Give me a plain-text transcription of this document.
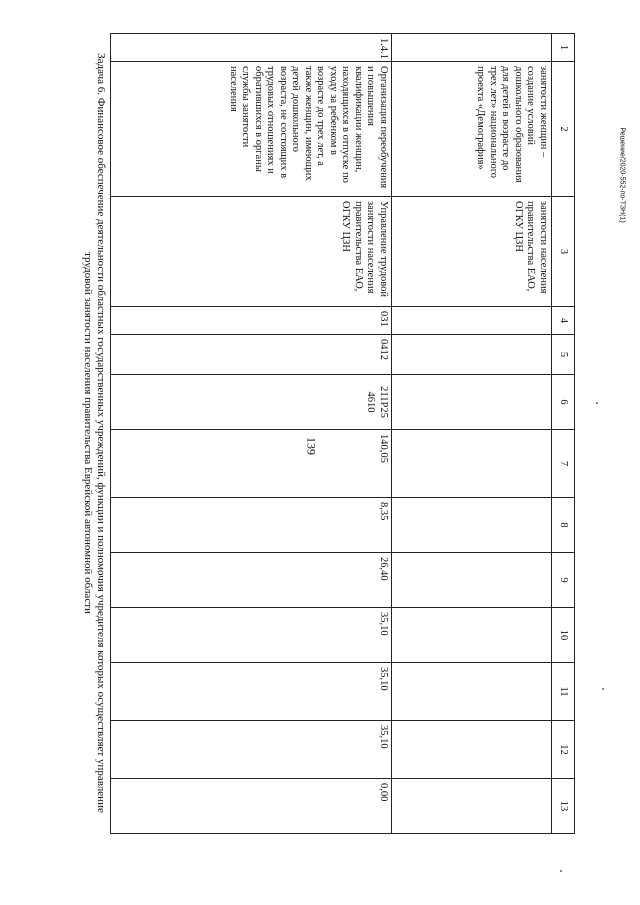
139
1	2	3	4	5	6	7	8	9	10	11	12	13
	занятости женщин – создание условий дошкольного образования для детей в возрасте до трех лет» национального проекта «Демография»	занятости населения правительства ЕАО, ОГКУ ЦЗН										
1.4.1	Организация переобучения и повышения квалификации женщин, находящихся в отпуске по уходу за ребенком в возрасте до трех лет, а также женщин, имеющих детей дошкольного возраста, не состоящих в трудовых отношениях и обратившихся в органы службы занятости населения	Управление трудовой занятости населения правительства ЕАО, ОГКУ ЦЗН	031	0412	211Р25 4610	140,05	8,35	26,40	35,10	35,10	35,10	0,00
Задача 6. Финансовое обеспечение деятельности областных государственных учреждений, функции и полномочия учредителя которых осуществляет управление трудовой занятости населения правительства Еврейской автономной области
Решение/2020-552-по-ТЗН(1)
